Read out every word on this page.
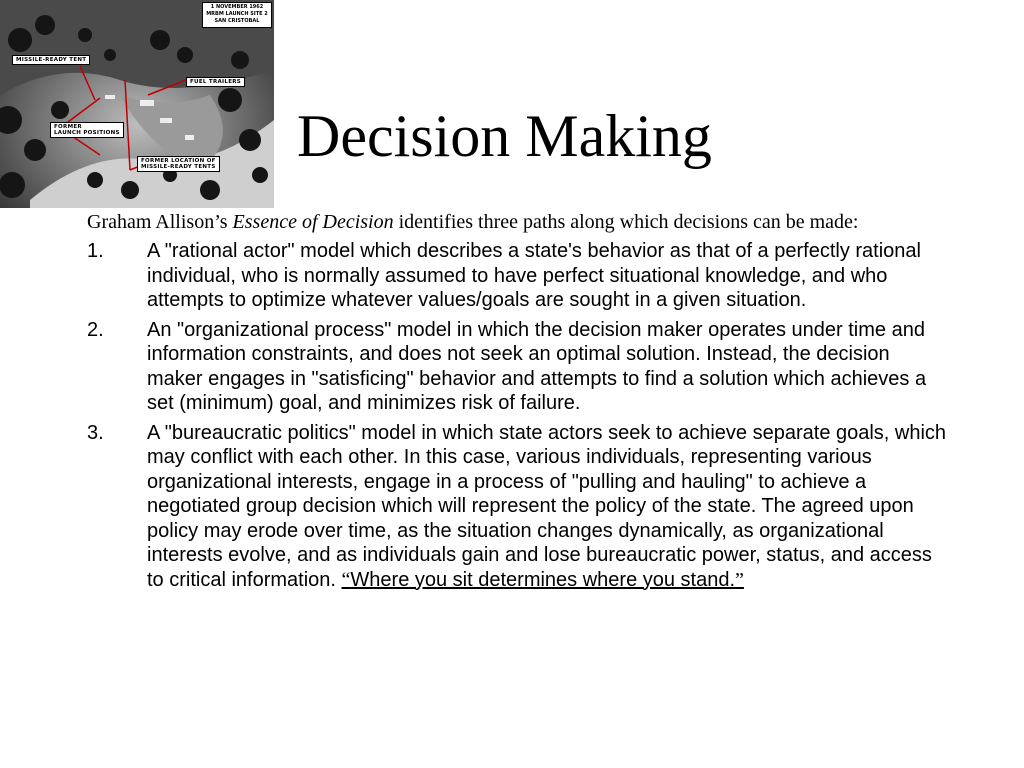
MISSILE-READY TENT
FUEL TRAILERS
FORMER
LAUNCH POSITIONS
FORMER LOCATION OF
MISSILE-READY TENTS
1 NOVEMBER 1962
MRBM LAUNCH SITE 2
SAN CRISTOBAL
Decision Making

Graham Allison’s Essence of Decision identifies three paths along which decisions can be made:

1. A "rational actor" model which describes a state's behavior as that of a perfectly rational individual, who is normally assumed to have perfect situational knowledge, and who attempts to optimize whatever values/goals are sought in a given situation.
2. An "organizational process" model in which the decision maker operates under time and information constraints, and does not seek an optimal solution. Instead, the decision maker engages in "satisficing" behavior and attempts to find a solution which achieves a set (minimum) goal, and minimizes risk of failure.
3. A "bureaucratic politics" model in which state actors seek to achieve separate goals, which may conflict with each other. In this case, various individuals, representing various organizational interests, engage in a process of "pulling and hauling" to achieve a negotiated group decision which will represent the policy of the state. The agreed upon policy may erode over time, as the situation changes dynamically, as organizational interests evolve, and as individuals gain and lose bureaucratic power, status, and access to critical information. “Where you sit determines where you stand.”
